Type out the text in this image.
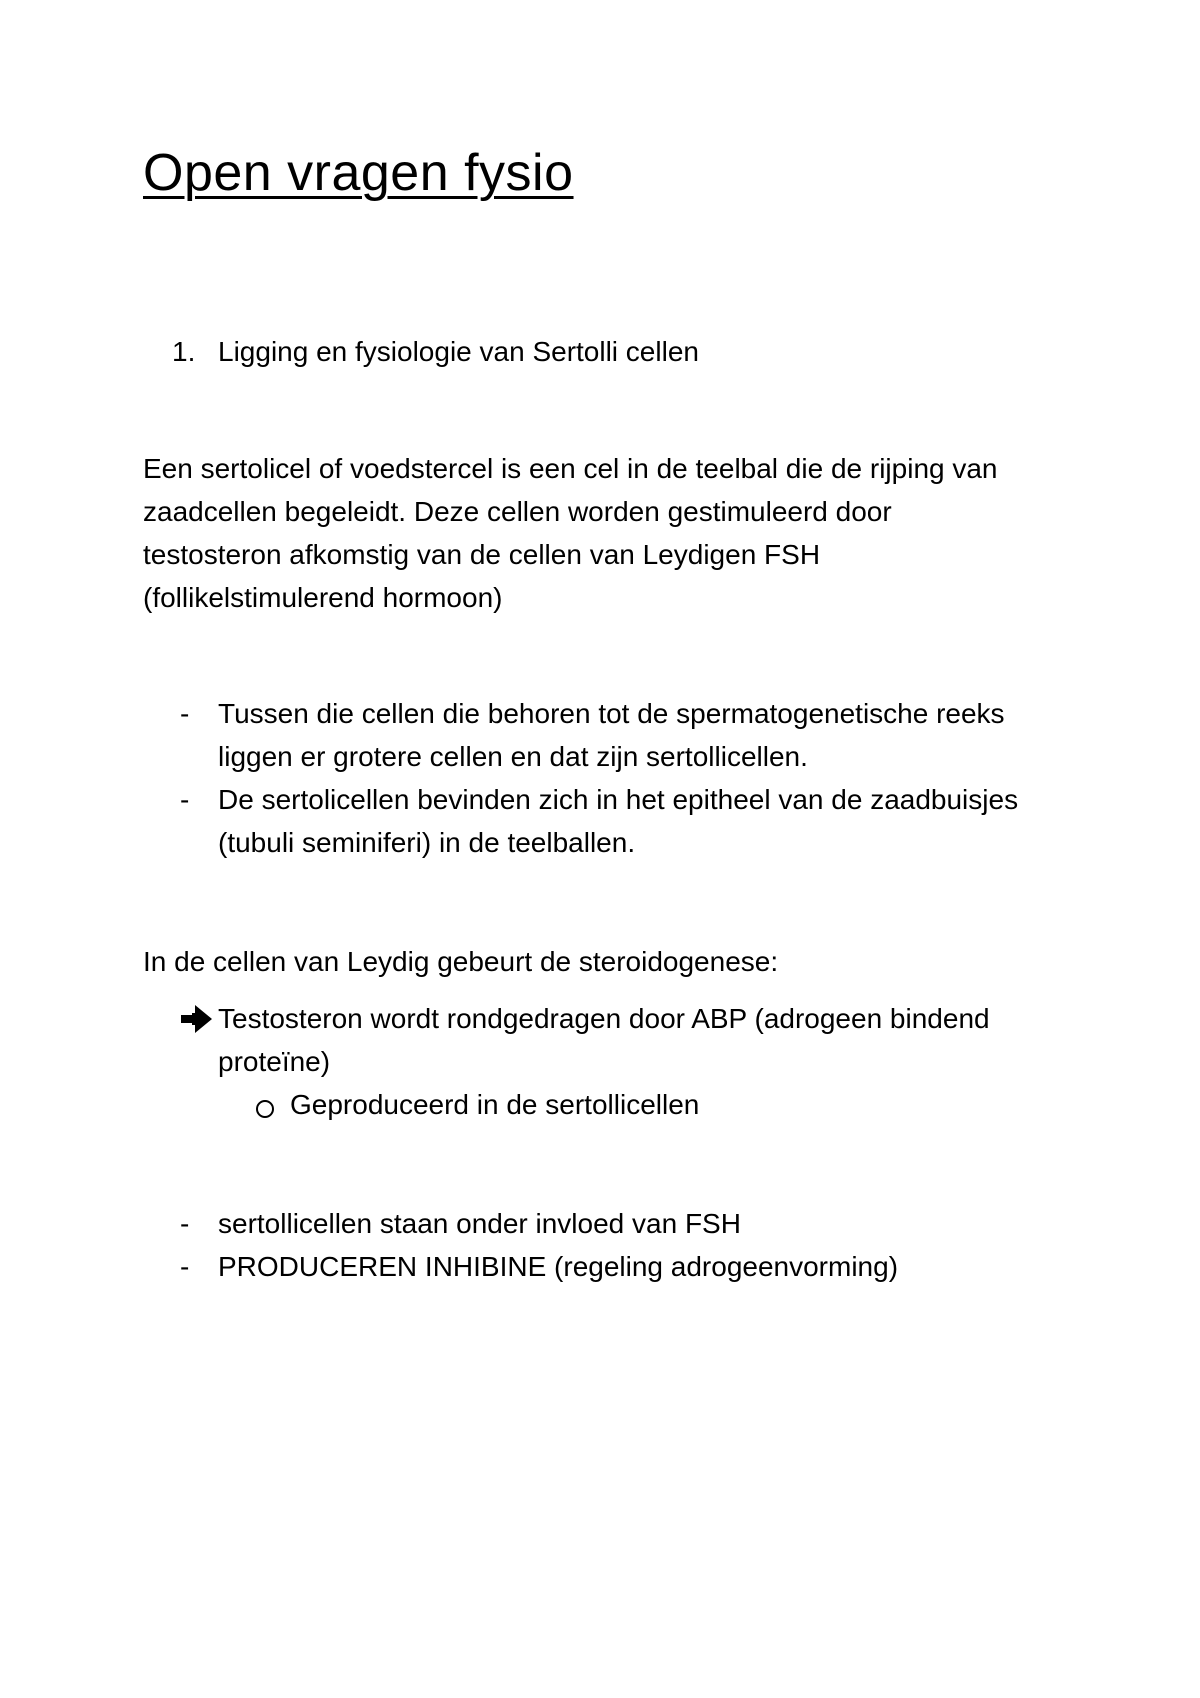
Open vragen fysio
1. Ligging en fysiologie van Sertolli cellen
Een sertolicel of voedstercel is een cel in de teelbal die de rijping van
zaadcellen begeleidt. Deze cellen worden gestimuleerd door
testosteron afkomstig van de cellen van Leydigen FSH
(follikelstimulerend hormoon)
- Tussen die cellen die behoren tot de spermatogenetische reeks
liggen er grotere cellen en dat zijn sertollicellen.
- De sertolicellen bevinden zich in het epitheel van de zaadbuisjes
(tubuli seminiferi) in de teelballen.
In de cellen van Leydig gebeurt de steroidogenese:
Testosteron wordt rondgedragen door ABP (adrogeen bindend
proteïne)
Geproduceerd in de sertollicellen
- sertollicellen staan onder invloed van FSH
- PRODUCEREN INHIBINE (regeling adrogeenvorming)
